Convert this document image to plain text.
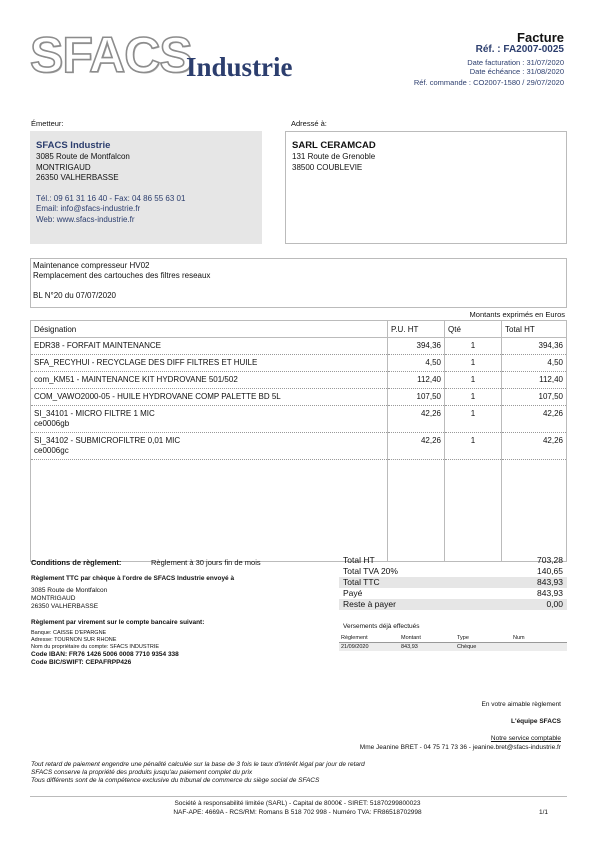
SFACS
Industrie
Facture
Réf. : FA2007-0025
Date facturation : 31/07/2020
Date échéance : 31/08/2020
Réf. commande : CO2007-1580 / 29/07/2020
Émetteur:
SFACS Industrie
3085 Route de Montfalcon
MONTRIGAUD
26350 VALHERBASSE
Tél.: 09 61 31 16 40 - Fax: 04 86 55 63 01
Email: info@sfacs-industrie.fr
Web: www.sfacs-industrie.fr
Adressé à:
SARL CERAMCAD
131 Route de Grenoble
38500 COUBLEVIE
Maintenance compresseur HV02
Remplacement des cartouches des filtres reseaux
BL N°20 du 07/07/2020
Montants exprimés en Euros
Désignation	P.U. HT	Qté	Total HT

EDR38 - FORFAIT MAINTENANCE	394,36	1	394,36

SFA_RECYHUI - RECYCLAGE DES DIFF FILTRES ET HUILE	4,50	1	4,50

com_KM51 - MAINTENANCE KIT HYDROVANE 501/502	112,40	1	112,40

COM_VAWO2000-05 - HUILE HYDROVANE COMP PALETTE BD 5L	107,50	1	107,50

SI_34101 - MICRO FILTRE 1 MIC
ce0006gb	42,26	1	42,26

SI_34102 - SUBMICROFILTRE 0,01 MIC
ce0006gc	42,26	1	42,26

Conditions de règlement:	Règlement à 30 jours fin de mois
Règlement TTC par chèque à l'ordre de SFACS Industrie envoyé à
3085 Route de Montfalcon
MONTRIGAUD
26350 VALHERBASSE
Règlement par virement sur le compte bancaire suivant:
Banque: CAISSE D'EPARGNE
Adresse: TOURNON SUR RHONE
Nom du propriétaire du compte: SFACS INDUSTRIE
Code IBAN: FR76 1426 5006 0008 7710 9354 338
Code BIC/SWIFT: CEPAFRPP426
Total HT	703,28
Total TVA 20%	140,65
Total TTC	843,93
Payé	843,93
Reste à payer	0,00
Versements déjà effectués
Règlement	Montant	Type	Num
21/09/2020	843,93	Chèque	
En votre aimable règlement
L'équipe SFACS
Notre service comptable
Mme Jeanine BRET - 04 75 71 73 36 - jeanine.bret@sfacs-industrie.fr
Tout retard de paiement engendre une pénalité calculée sur la base de 3 fois le taux d'intérêt légal par jour de retard
SFACS conserve la propriété des produits jusqu'au paiement complet du prix
Tous différents sont de la compétence exclusive du tribunal de commerce du siège social de SFACS
Société à responsabilité limitée (SARL) - Capital de 8000€ - SIRET: 51870299800023
NAF-APE: 4669A - RCS/RM: Romans B 518 702 998 - Numéro TVA: FR86518702998	1/1
